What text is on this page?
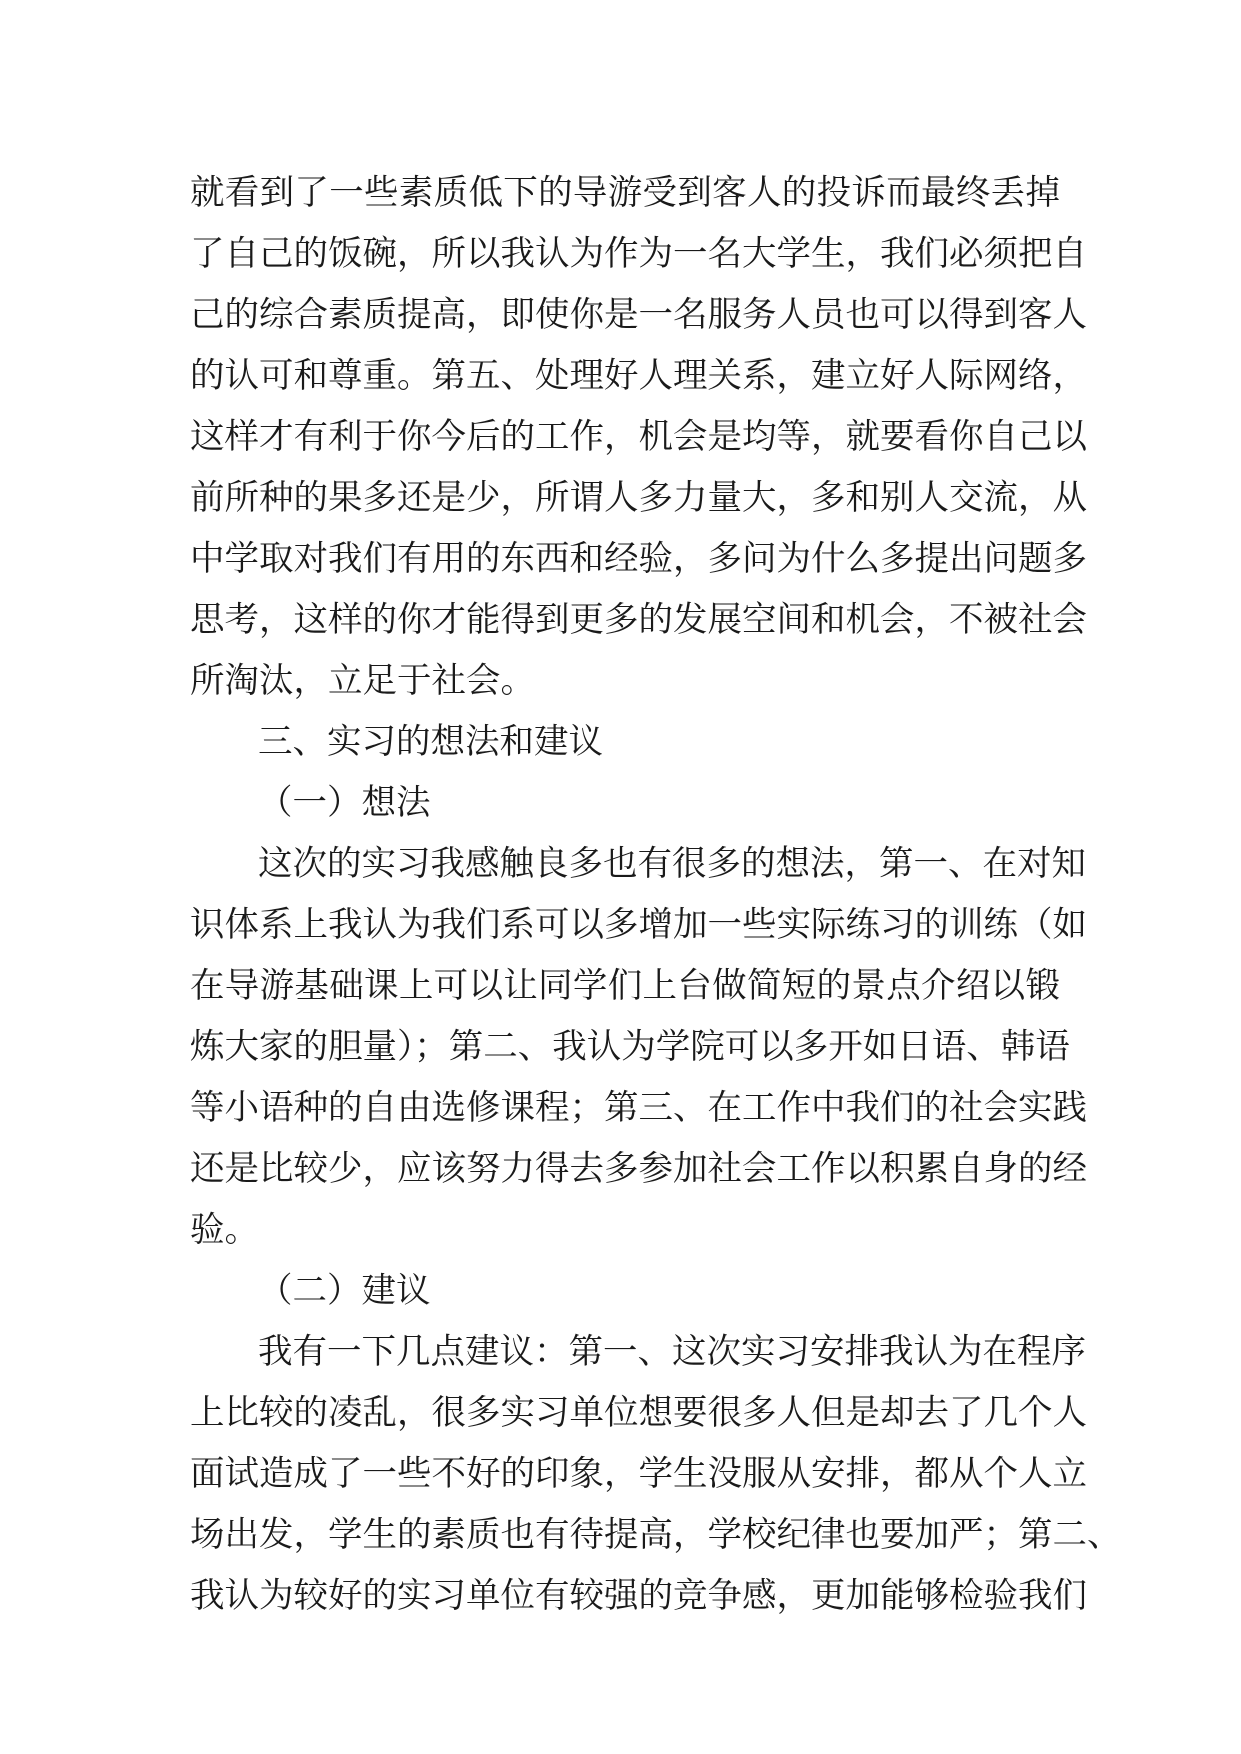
就看到了一些素质低下的导游受到客人的投诉而最终丢掉
了自己的饭碗，所以我认为作为一名大学生，我们必须把自
己的综合素质提高，即使你是一名服务人员也可以得到客人
的认可和尊重。第五、处理好人理关系，建立好人际网络，
这样才有利于你今后的工作，机会是均等，就要看你自己以
前所种的果多还是少，所谓人多力量大，多和别人交流，从
中学取对我们有用的东西和经验，多问为什么多提出问题多
思考，这样的你才能得到更多的发展空间和机会，不被社会
所淘汰，立足于社会。
三、实习的想法和建议
（一）想法
这次的实习我感触良多也有很多的想法，第一、在对知
识体系上我认为我们系可以多增加一些实际练习的训练（如
在导游基础课上可以让同学们上台做简短的景点介绍以锻
炼大家的胆量）；第二、我认为学院可以多开如日语、韩语
等小语种的自由选修课程；第三、在工作中我们的社会实践
还是比较少，应该努力得去多参加社会工作以积累自身的经
验。
（二）建议
我有一下几点建议：第一、这次实习安排我认为在程序
上比较的凌乱，很多实习单位想要很多人但是却去了几个人
面试造成了一些不好的印象，学生没服从安排，都从个人立
场出发，学生的素质也有待提高，学校纪律也要加严；第二、
我认为较好的实习单位有较强的竞争感，更加能够检验我们
